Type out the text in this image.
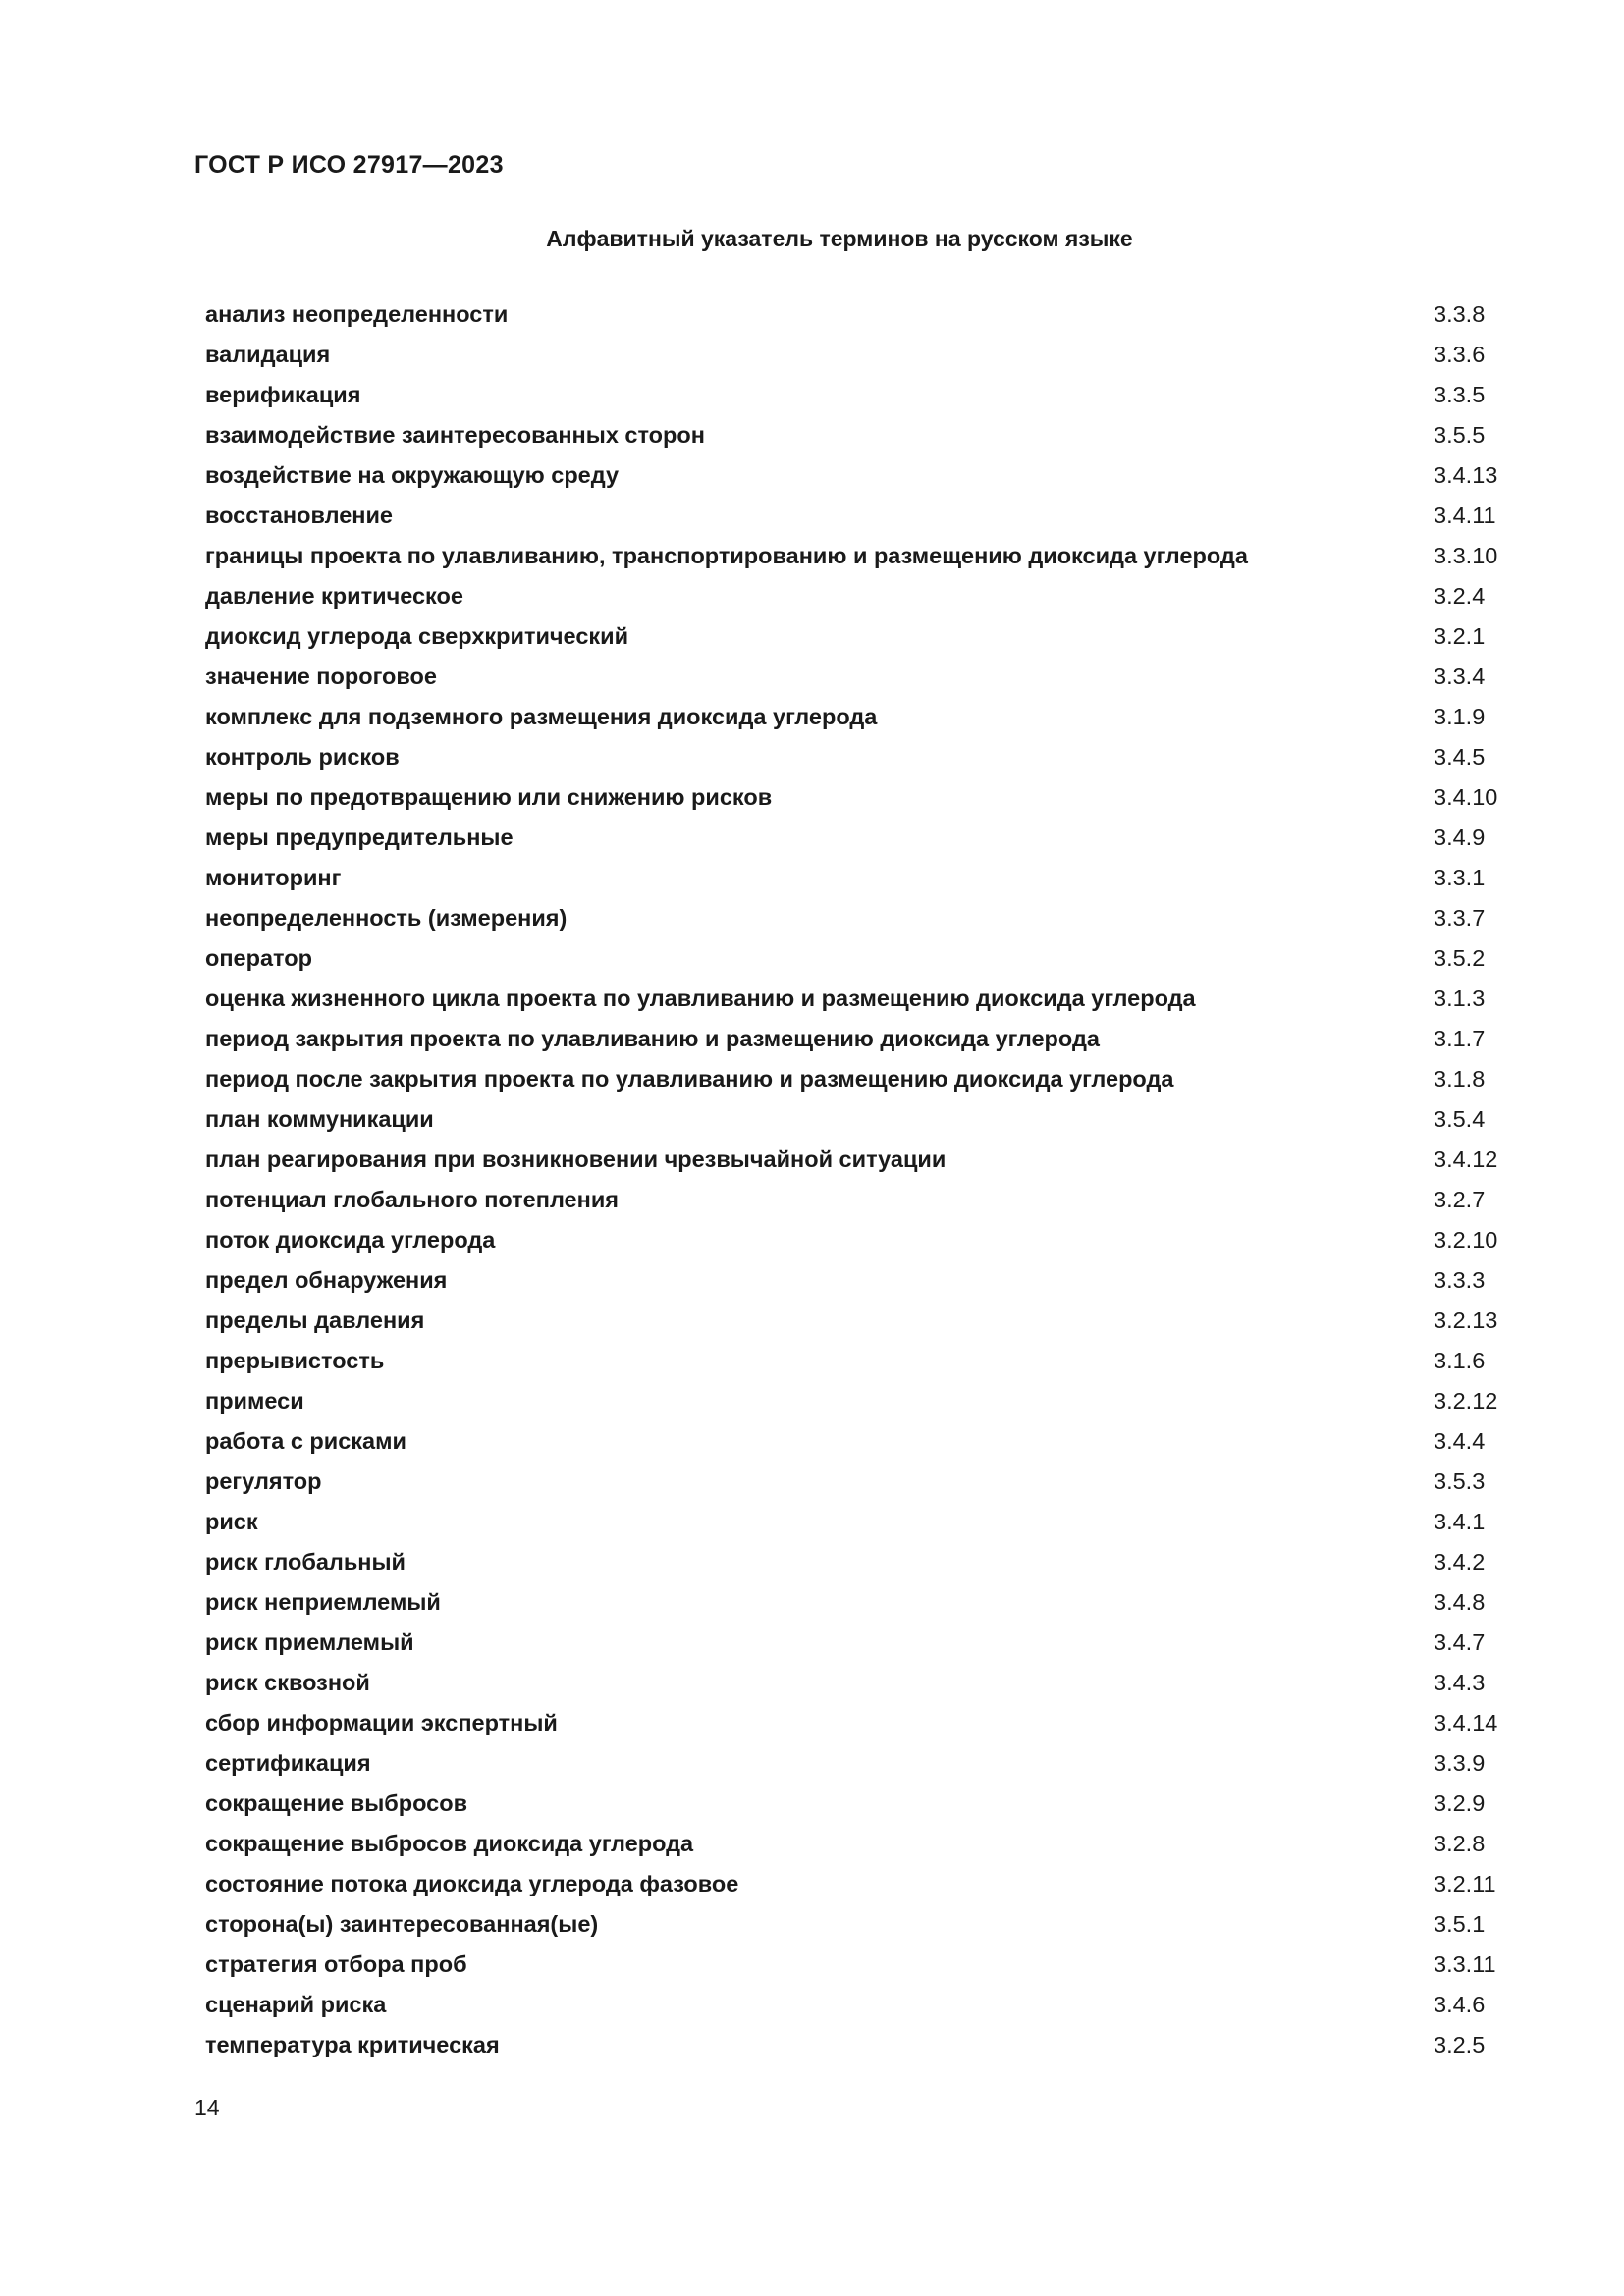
ГОСТ Р ИСО 27917—2023

Алфавитный указатель терминов на русском языке
анализ неопределенности	3.3.8
валидация	3.3.6
верификация	3.3.5
взаимодействие заинтересованных сторон	3.5.5
воздействие на окружающую среду	3.4.13
восстановление	3.4.11
границы проекта по улавливанию, транспортированию и размещению диоксида углерода	3.3.10
давление критическое	3.2.4
диоксид углерода сверхкритический	3.2.1
значение пороговое	3.3.4
комплекс для подземного размещения диоксида углерода	3.1.9
контроль рисков	3.4.5
меры по предотвращению или снижению рисков	3.4.10
меры предупредительные	3.4.9
мониторинг	3.3.1
неопределенность (измерения)	3.3.7
оператор	3.5.2
оценка жизненного цикла проекта по улавливанию и размещению диоксида углерода	3.1.3
период закрытия проекта по улавливанию и размещению диоксида углерода	3.1.7
период после закрытия проекта по улавливанию и размещению диоксида углерода	3.1.8
план коммуникации	3.5.4
план реагирования при возникновении чрезвычайной ситуации	3.4.12
потенциал глобального потепления	3.2.7
поток диоксида углерода	3.2.10
предел обнаружения	3.3.3
пределы давления	3.2.13
прерывистость	3.1.6
примеси	3.2.12
работа с рисками	3.4.4
регулятор	3.5.3
риск	3.4.1
риск глобальный	3.4.2
риск неприемлемый	3.4.8
риск приемлемый	3.4.7
риск сквозной	3.4.3
сбор информации экспертный	3.4.14
сертификация	3.3.9
сокращение выбросов	3.2.9
сокращение выбросов диоксида углерода	3.2.8
состояние потока диоксида углерода фазовое	3.2.11
сторона(ы) заинтересованная(ые)	3.5.1
стратегия отбора проб	3.3.11
сценарий риска	3.4.6
температура критическая	3.2.5

14
